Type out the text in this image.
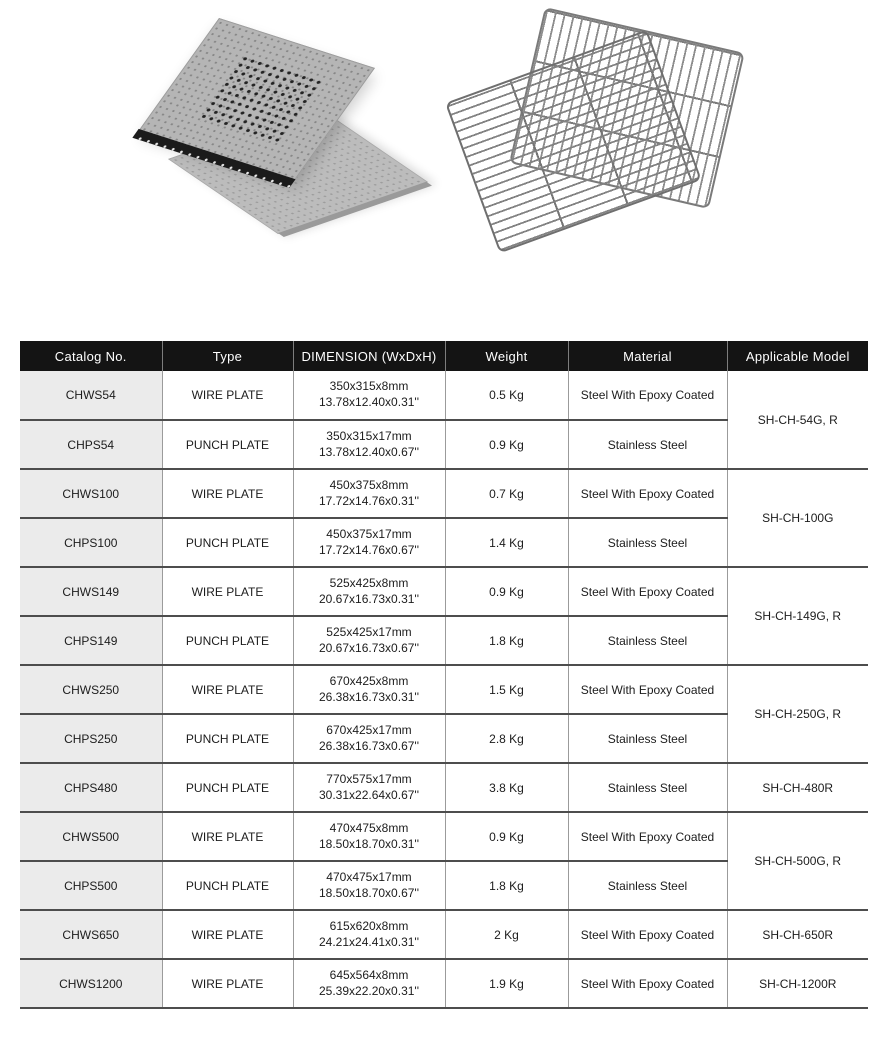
Catalog No.	Type	DIMENSION (WxDxH)	Weight	Material	Applicable Model
CHWS54	WIRE PLATE	350x315x8mm
13.78x12.40x0.31''	0.5 Kg	Steel With Epoxy Coated	SH-CH-54G, R
CHPS54	PUNCH PLATE	350x315x17mm
13.78x12.40x0.67''	0.9 Kg	Stainless Steel	
CHWS100	WIRE PLATE	450x375x8mm
17.72x14.76x0.31''	0.7 Kg	Steel With Epoxy Coated	SH-CH-100G
CHPS100	PUNCH PLATE	450x375x17mm
17.72x14.76x0.67''	1.4 Kg	Stainless Steel	
CHWS149	WIRE PLATE	525x425x8mm
20.67x16.73x0.31''	0.9 Kg	Steel With Epoxy Coated	SH-CH-149G, R
CHPS149	PUNCH PLATE	525x425x17mm
20.67x16.73x0.67''	1.8 Kg	Stainless Steel	
CHWS250	WIRE PLATE	670x425x8mm
26.38x16.73x0.31''	1.5 Kg	Steel With Epoxy Coated	SH-CH-250G, R
CHPS250	PUNCH PLATE	670x425x17mm
26.38x16.73x0.67''	2.8 Kg	Stainless Steel	
CHPS480	PUNCH PLATE	770x575x17mm
30.31x22.64x0.67''	3.8 Kg	Stainless Steel	SH-CH-480R
CHWS500	WIRE PLATE	470x475x8mm
18.50x18.70x0.31''	0.9 Kg	Steel With Epoxy Coated	SH-CH-500G, R
CHPS500	PUNCH PLATE	470x475x17mm
18.50x18.70x0.67''	1.8 Kg	Stainless Steel	
CHWS650	WIRE PLATE	615x620x8mm
24.21x24.41x0.31''	2 Kg	Steel With Epoxy Coated	SH-CH-650R
CHWS1200	WIRE PLATE	645x564x8mm
25.39x22.20x0.31''	1.9 Kg	Steel With Epoxy Coated	SH-CH-1200R
